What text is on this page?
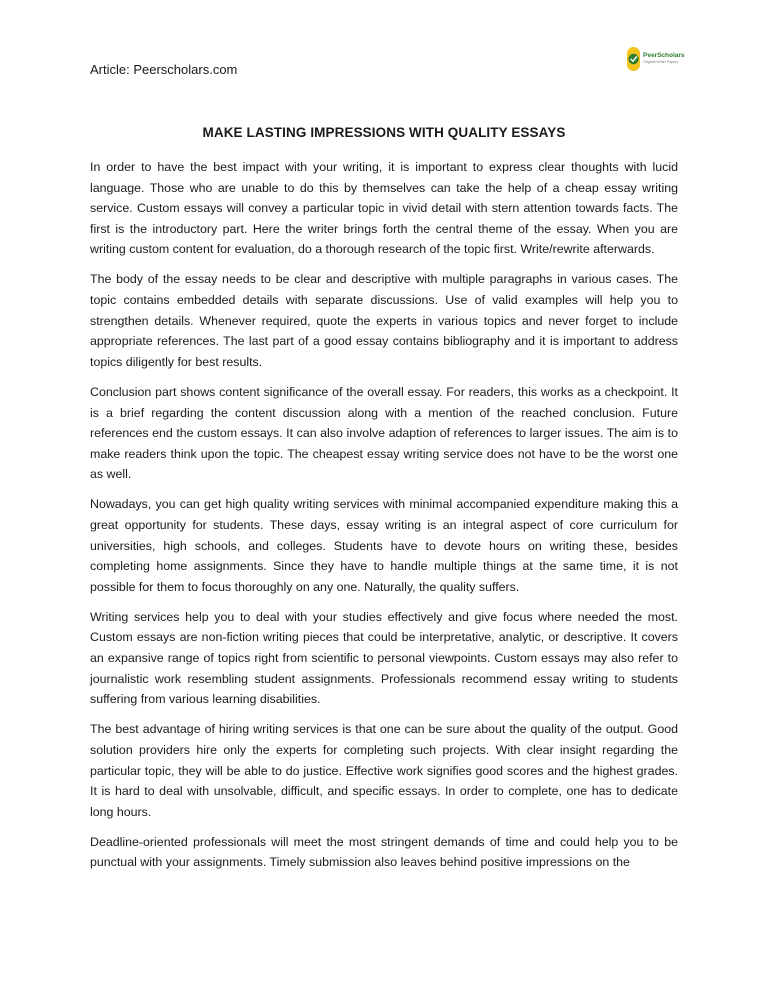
Article: Peerscholars.com
PeerScholars
Original Writer Papers
MAKE LASTING IMPRESSIONS WITH QUALITY ESSAYS

In order to have the best impact with your writing, it is important to express clear thoughts with lucid language. Those who are unable to do this by themselves can take the help of a cheap essay writing service. Custom essays will convey a particular topic in vivid detail with stern attention towards facts. The first is the introductory part. Here the writer brings forth the central theme of the essay. When you are writing custom content for evaluation, do a thorough research of the topic first. Write/rewrite afterwards.

The body of the essay needs to be clear and descriptive with multiple paragraphs in various cases. The topic contains embedded details with separate discussions. Use of valid examples will help you to strengthen details. Whenever required, quote the experts in various topics and never forget to include appropriate references. The last part of a good essay contains bibliography and it is important to address topics diligently for best results.

Conclusion part shows content significance of the overall essay. For readers, this works as a checkpoint. It is a brief regarding the content discussion along with a mention of the reached conclusion. Future references end the custom essays. It can also involve adaption of references to larger issues. The aim is to make readers think upon the topic. The cheapest essay writing service does not have to be the worst one as well.

Nowadays, you can get high quality writing services with minimal accompanied expenditure making this a great opportunity for students. These days, essay writing is an integral aspect of core curriculum for universities, high schools, and colleges. Students have to devote hours on writing these, besides completing home assignments. Since they have to handle multiple things at the same time, it is not possible for them to focus thoroughly on any one. Naturally, the quality suffers.

Writing services help you to deal with your studies effectively and give focus where needed the most. Custom essays are non-fiction writing pieces that could be interpretative, analytic, or descriptive. It covers an expansive range of topics right from scientific to personal viewpoints. Custom essays may also refer to journalistic work resembling student assignments. Professionals recommend essay writing to students suffering from various learning disabilities.

The best advantage of hiring writing services is that one can be sure about the quality of the output. Good solution providers hire only the experts for completing such projects. With clear insight regarding the particular topic, they will be able to do justice. Effective work signifies good scores and the highest grades. It is hard to deal with unsolvable, difficult, and specific essays. In order to complete, one has to dedicate long hours.

Deadline-oriented professionals will meet the most stringent demands of time and could help you to be punctual with your assignments. Timely submission also leaves behind positive impressions on the
